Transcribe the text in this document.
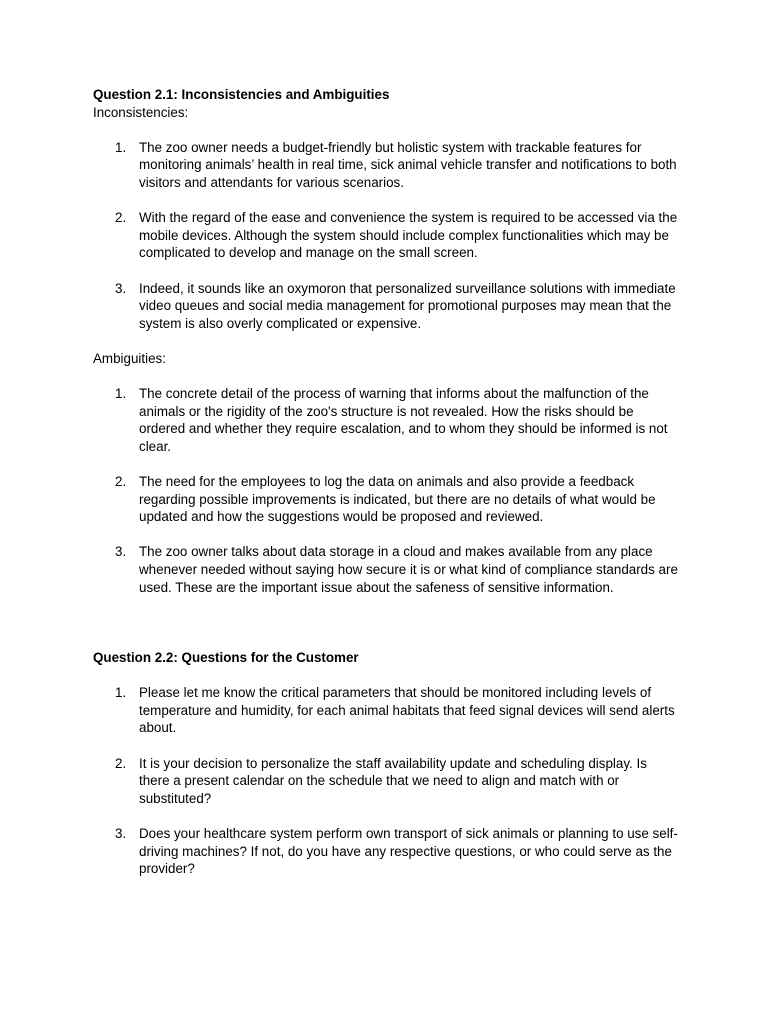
Question 2.1: Inconsistencies and Ambiguities

Inconsistencies:

1. The zoo owner needs a budget-friendly but holistic system with trackable features for monitoring animals’ health in real time, sick animal vehicle transfer and notifications to both visitors and attendants for various scenarios.
2. With the regard of the ease and convenience the system is required to be accessed via the mobile devices. Although the system should include complex functionalities which may be complicated to develop and manage on the small screen.
3. Indeed, it sounds like an oxymoron that personalized surveillance solutions with immediate video queues and social media management for promotional purposes may mean that the system is also overly complicated or expensive.

Ambiguities:

1. The concrete detail of the process of warning that informs about the malfunction of the animals or the rigidity of the zoo's structure is not revealed. How the risks should be ordered and whether they require escalation, and to whom they should be informed is not clear.
2. The need for the employees to log the data on animals and also provide a feedback regarding possible improvements is indicated, but there are no details of what would be updated and how the suggestions would be proposed and reviewed.
3. The zoo owner talks about data storage in a cloud and makes available from any place whenever needed without saying how secure it is or what kind of compliance standards are used. These are the important issue about the safeness of sensitive information.

Question 2.2: Questions for the Customer

1. Please let me know the critical parameters that should be monitored including levels of temperature and humidity, for each animal habitats that feed signal devices will send alerts about.
2. It is your decision to personalize the staff availability update and scheduling display. Is there a present calendar on the schedule that we need to align and match with or substituted?
3. Does your healthcare system perform own transport of sick animals or planning to use self-driving machines? If not, do you have any respective questions, or who could serve as the provider?
